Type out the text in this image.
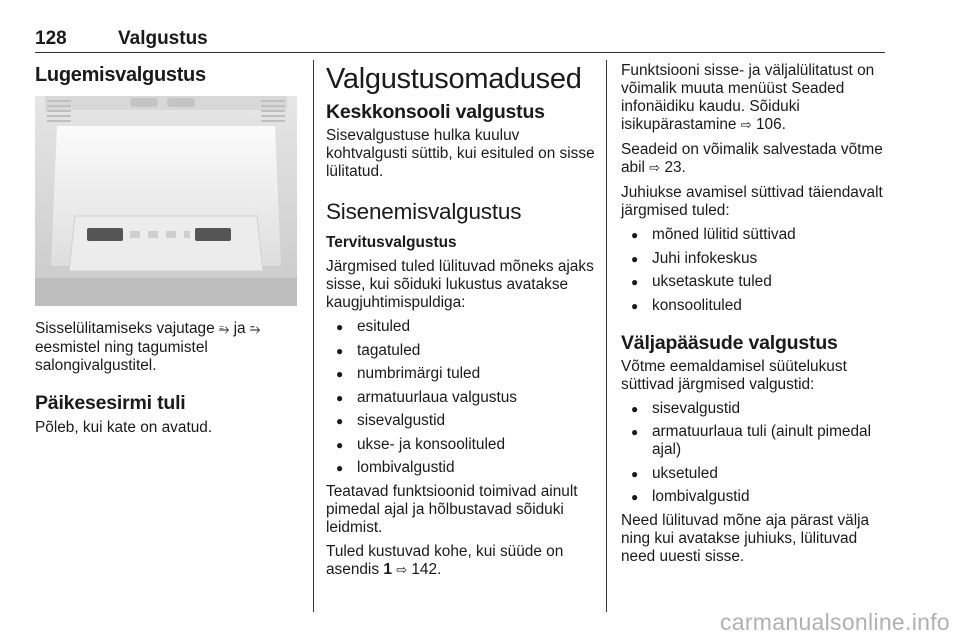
128	Valgustus
Lugemisvalgustus

Sisselülitamiseks vajutage ⥱ ja ⥲ eesmistel ning tagumistel salongivalgustitel.

Päikesesirmi tuli

Põleb, kui kate on avatud.

Valgustusomadused
Keskkonsooli valgustus

Sisevalgustuse hulka kuuluv kohtvalgusti süttib, kui esituled on sisse lülitatud.

Sisenemisvalgustus
Tervitusvalgustus

Järgmised tuled lülituvad mõneks ajaks sisse, kui sõiduki lukustus avatakse kaugjuhtimispuldiga:

● esituled
● tagatuled
● numbrimärgi tuled
● armatuurlaua valgustus
● sisevalgustid
● ukse- ja konsoolituled
● lombivalgustid

Teatavad funktsioonid toimivad ainult pimedal ajal ja hõlbustavad sõiduki leidmist.

Tuled kustuvad kohe, kui süüde on asendis 1 ⇨ 142.

Funktsiooni sisse- ja väljalülitatust on võimalik muuta menüüst Seaded infonäidiku kaudu. Sõiduki isikupärastamine ⇨ 106.

Seadeid on võimalik salvestada võtme abil ⇨ 23.

Juhiukse avamisel süttivad täiendavalt järgmised tuled:

● mõned lülitid süttivad
● Juhi infokeskus
● uksetaskute tuled
● konsoolituled
Väljapääsude valgustus

Võtme eemaldamisel süütelukust süttivad järgmised valgustid:

● sisevalgustid
● armatuurlaua tuli (ainult pimedal ajal)
● uksetuled
● lombivalgustid

Need lülituvad mõne aja pärast välja ning kui avatakse juhiuks, lülituvad need uuesti sisse.

carmanualsonline.info
